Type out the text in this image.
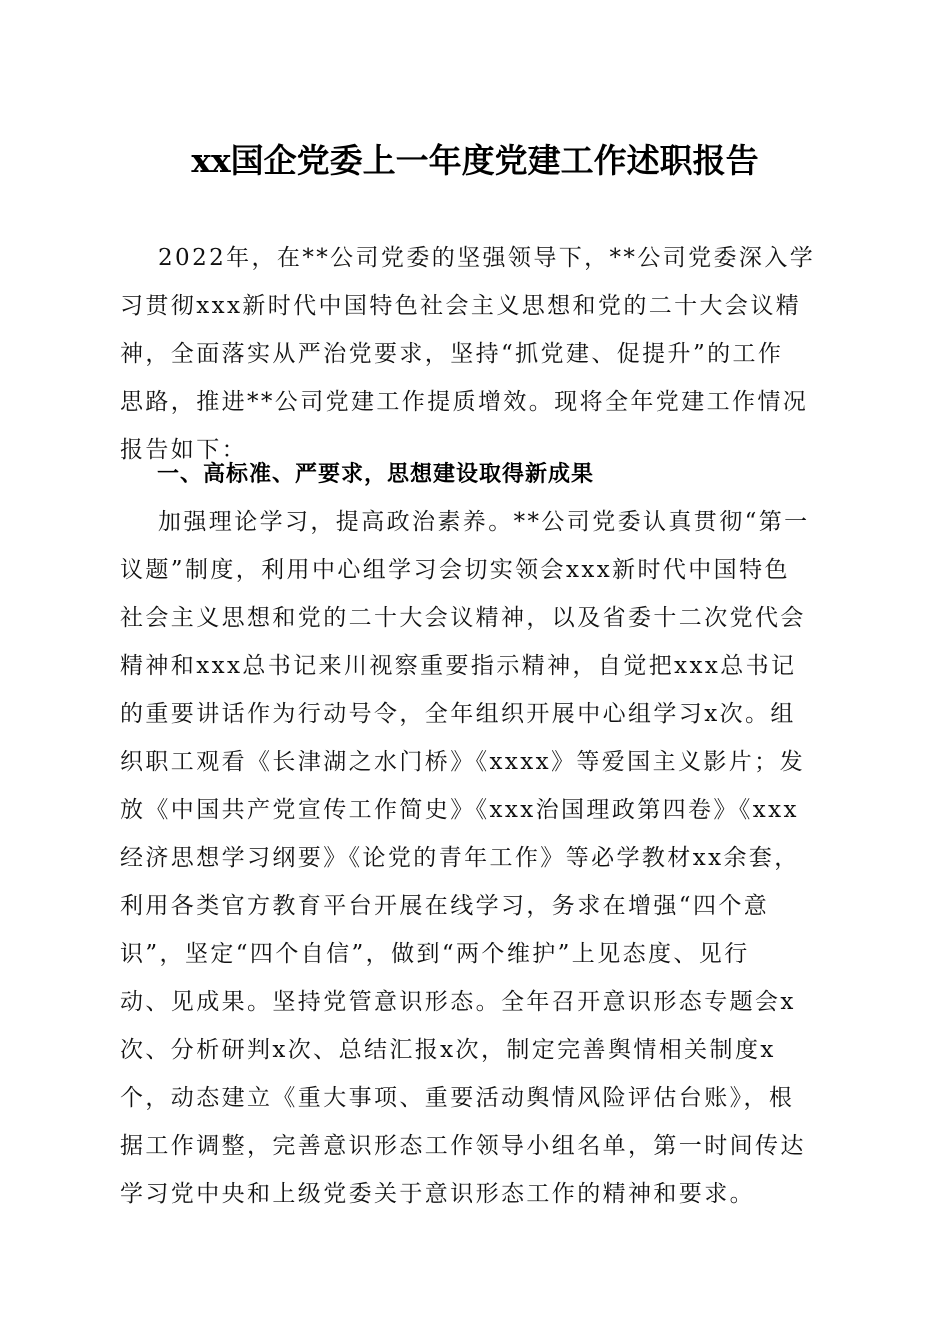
xx国企党委上一年度党建工作述职报告
2022年，在**公司党委的坚强领导下，**公司党委深入学
习贯彻xxx新时代中国特色社会主义思想和党的二十大会议精
神，全面落实从严治党要求，坚持“抓党建、促提升”的工作
思路，推进**公司党建工作提质增效。现将全年党建工作情况
报告如下：
一、高标准、严要求，思想建设取得新成果
加强理论学习，提高政治素养。**公司党委认真贯彻“第一
议题”制度，利用中心组学习会切实领会xxx新时代中国特色
社会主义思想和党的二十大会议精神，以及省委十二次党代会
精神和xxx总书记来川视察重要指示精神，自觉把xxx总书记
的重要讲话作为行动号令，全年组织开展中心组学习x次。组
织职工观看《长津湖之水门桥》《xxxx》等爱国主义影片；发
放《中国共产党宣传工作简史》《xxx治国理政第四卷》《xxx
经济思想学习纲要》《论党的青年工作》等必学教材xx余套，
利用各类官方教育平台开展在线学习，务求在增强“四个意
识”，坚定“四个自信”，做到“两个维护”上见态度、见行
动、见成果。坚持党管意识形态。全年召开意识形态专题会x
次、分析研判x次、总结汇报x次，制定完善舆情相关制度x
个，动态建立《重大事项、重要活动舆情风险评估台账》，根
据工作调整，完善意识形态工作领导小组名单，第一时间传达
学习党中央和上级党委关于意识形态工作的精神和要求。
